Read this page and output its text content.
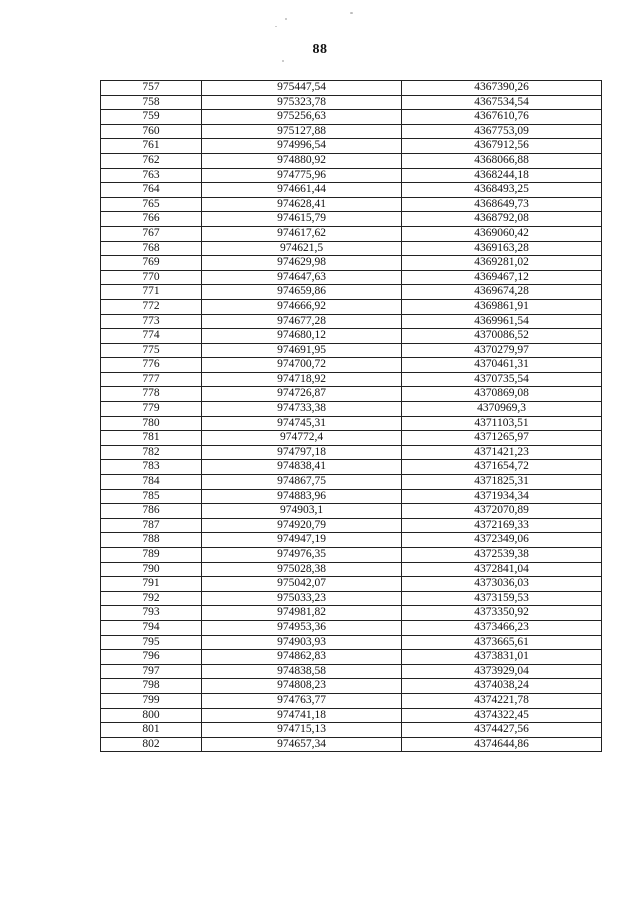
88
757	975447,54	4367390,26
758	975323,78	4367534,54
759	975256,63	4367610,76
760	975127,88	4367753,09
761	974996,54	4367912,56
762	974880,92	4368066,88
763	974775,96	4368244,18
764	974661,44	4368493,25
765	974628,41	4368649,73
766	974615,79	4368792,08
767	974617,62	4369060,42
768	974621,5	4369163,28
769	974629,98	4369281,02
770	974647,63	4369467,12
771	974659,86	4369674,28
772	974666,92	4369861,91
773	974677,28	4369961,54
774	974680,12	4370086,52
775	974691,95	4370279,97
776	974700,72	4370461,31
777	974718,92	4370735,54
778	974726,87	4370869,08
779	974733,38	4370969,3
780	974745,31	4371103,51
781	974772,4	4371265,97
782	974797,18	4371421,23
783	974838,41	4371654,72
784	974867,75	4371825,31
785	974883,96	4371934,34
786	974903,1	4372070,89
787	974920,79	4372169,33
788	974947,19	4372349,06
789	974976,35	4372539,38
790	975028,38	4372841,04
791	975042,07	4373036,03
792	975033,23	4373159,53
793	974981,82	4373350,92
794	974953,36	4373466,23
795	974903,93	4373665,61
796	974862,83	4373831,01
797	974838,58	4373929,04
798	974808,23	4374038,24
799	974763,77	4374221,78
800	974741,18	4374322,45
801	974715,13	4374427,56
802	974657,34	4374644,86
